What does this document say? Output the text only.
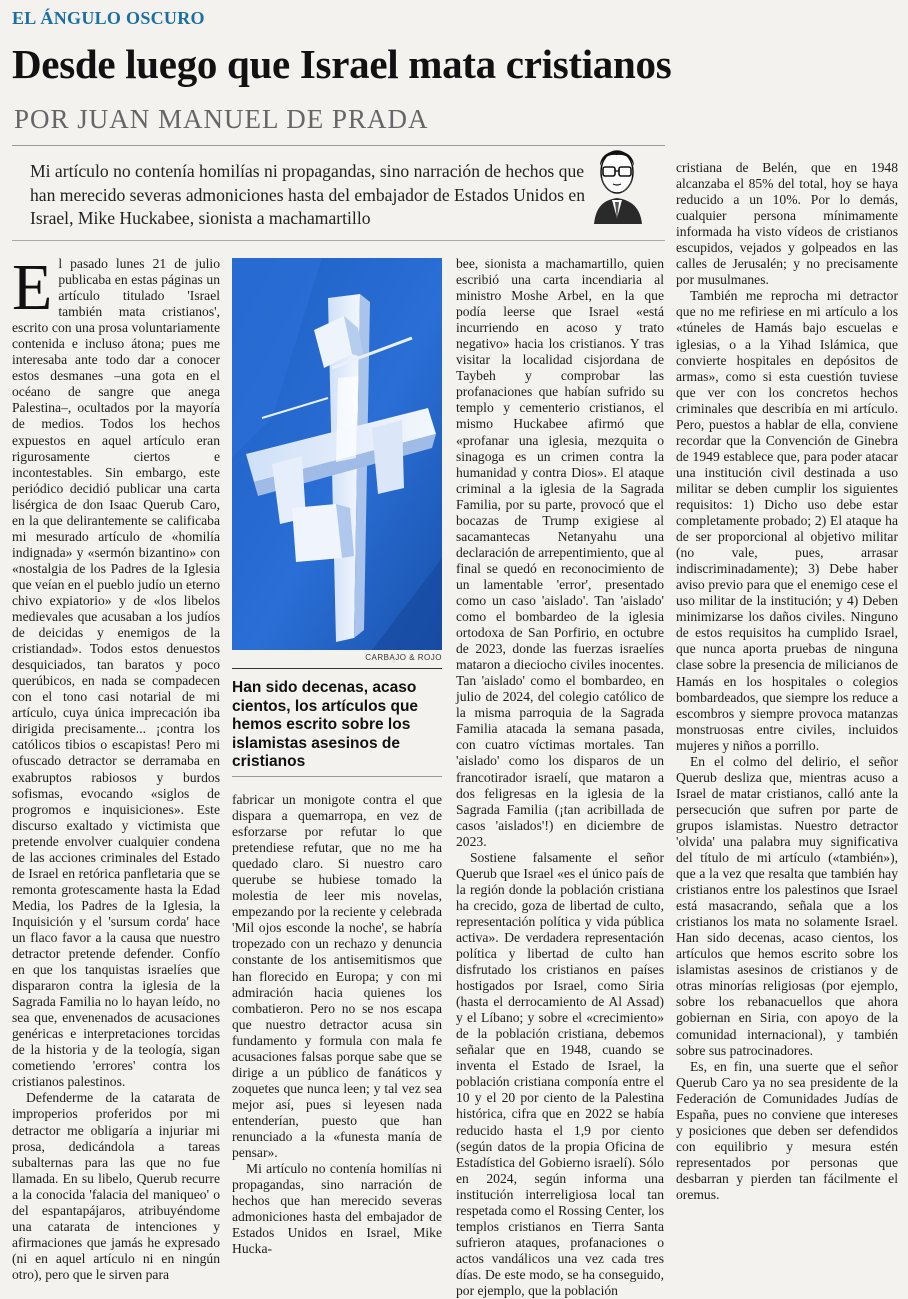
EL ÁNGULO OSCURO
Desde luego que Israel mata cristianos
POR JUAN MANUEL DE PRADA

Mi artículo no contenía homilías ni propagandas, sino narración de hechos que han merecido severas admoniciones hasta del embajador de Estados Unidos en Israel, Mike Huckabee, sionista a machamartillo

E l pasado lunes 21 de julio publicaba en estas páginas un artículo titulado 'Israel también mata cristianos', escrito con una prosa voluntariamente contenida e incluso átona; pues me interesaba ante todo dar a conocer estos desmanes –una gota en el océano de sangre que anega Palestina–, ocultados por la mayoría de medios. Todos los hechos expuestos en aquel artículo eran rigurosamente ciertos e incontestables. Sin embargo, este periódico decidió publicar una carta lisérgica de don Isaac Querub Caro, en la que delirantemente se calificaba mi mesurado artículo de «homilía indignada» y «sermón bizantino» con «nostalgia de los Padres de la Iglesia que veían en el pueblo judío un eterno chivo expiatorio» y de «los libelos medievales que acusaban a los judíos de deicidas y enemigos de la cristiandad». Todos estos denuestos desquiciados, tan baratos y poco querúbicos, en nada se compadecen con el tono casi notarial de mi artículo, cuya única imprecación iba dirigida precisamente... ¡contra los católicos tibios o escapistas! Pero mi ofuscado detractor se derramaba en exabruptos rabiosos y burdos sofismas, evocando «siglos de progromos e inquisiciones». Este discurso exaltado y victimista que pretende envolver cualquier condena de las acciones criminales del Estado de Israel en retórica panfletaria que se remonta grotescamente hasta la Edad Media, los Padres de la Iglesia, la Inquisición y el 'sursum corda' hace un flaco favor a la causa que nuestro detractor pretende defender. Confío en que los tanquistas israelíes que dispararon contra la iglesia de la Sagrada Familia no lo hayan leído, no sea que, envenenados de acusaciones genéricas e interpretaciones torcidas de la historia y de la teología, sigan cometiendo 'errores' contra los cristianos palestinos.

Defenderme de la catarata de improperios proferidos por mi detractor me obligaría a injuriar mi prosa, dedicándola a tareas subalternas para las que no fue llamada. En su libelo, Querub recurre a la conocida 'falacia del maniqueo' o del espantapájaros, atribuyéndome una catarata de intenciones y afirmaciones que jamás he expresado (ni en aquel artículo ni en ningún otro), pero que le sirven para

CARBAJO & ROJO
Han sido decenas, acaso cientos, los artículos que hemos escrito sobre los islamistas asesinos de cristianos

fabricar un monigote contra el que dispara a quemarropa, en vez de esforzarse por refutar lo que pretendiese refutar, que no me ha quedado claro. Si nuestro caro querube se hubiese tomado la molestia de leer mis novelas, empezando por la reciente y celebrada 'Mil ojos esconde la noche', se habría tropezado con un rechazo y denuncia constante de los antisemitismos que han florecido en Europa; y con mi admiración hacia quienes los combatieron. Pero no se nos escapa que nuestro detractor acusa sin fundamento y formula con mala fe acusaciones falsas porque sabe que se dirige a un público de fanáticos y zoquetes que nunca leen; y tal vez sea mejor así, pues si leyesen nada entenderían, puesto que han renunciado a la «funesta manía de pensar».

Mi artículo no contenía homilías ni propagandas, sino narración de hechos que han merecido severas admoniciones hasta del embajador de Estados Unidos en Israel, Mike Hucka-

bee, sionista a machamartillo, quien escribió una carta incendiaria al ministro Moshe Arbel, en la que podía leerse que Israel «está incurriendo en acoso y trato negativo» hacia los cristianos. Y tras visitar la localidad cisjordana de Taybeh y comprobar las profanaciones que habían sufrido su templo y cementerio cristianos, el mismo Huckabee afirmó que «profanar una iglesia, mezquita o sinagoga es un crimen contra la humanidad y contra Dios». El ataque criminal a la iglesia de la Sagrada Familia, por su parte, provocó que el bocazas de Trump exigiese al sacamantecas Netanyahu una declaración de arrepentimiento, que al final se quedó en reconocimiento de un lamentable 'error', presentado como un caso 'aislado'. Tan 'aislado' como el bombardeo de la iglesia ortodoxa de San Porfirio, en octubre de 2023, donde las fuerzas israelíes mataron a dieciocho civiles inocentes. Tan 'aislado' como el bombardeo, en julio de 2024, del colegio católico de la misma parroquia de la Sagrada Familia atacada la semana pasada, con cuatro víctimas mortales. Tan 'aislado' como los disparos de un francotirador israelí, que mataron a dos feligresas en la iglesia de la Sagrada Familia (¡tan acribillada de casos 'aislados'!) en diciembre de 2023.

Sostiene falsamente el señor Querub que Israel «es el único país de la región donde la población cristiana ha crecido, goza de libertad de culto, representación política y vida pública activa». De verdadera representación política y libertad de culto han disfrutado los cristianos en países hostigados por Israel, como Siria (hasta el derrocamiento de Al Assad) y el Líbano; y sobre el «crecimiento» de la población cristiana, debemos señalar que en 1948, cuando se inventa el Estado de Israel, la población cristiana componía entre el 10 y el 20 por ciento de la Palestina histórica, cifra que en 2022 se había reducido hasta el 1,9 por ciento (según datos de la propia Oficina de Estadística del Gobierno israelí). Sólo en 2024, según informa una institución interreligiosa local tan respetada como el Rossing Center, los templos cristianos en Tierra Santa sufrieron ataques, profanaciones o actos vandálicos una vez cada tres días. De este modo, se ha conseguido, por ejemplo, que la población

cristiana de Belén, que en 1948 alcanzaba el 85% del total, hoy se haya reducido a un 10%. Por lo demás, cualquier persona mínimamente informada ha visto vídeos de cristianos escupidos, vejados y golpeados en las calles de Jerusalén; y no precisamente por musulmanes.

También me reprocha mi detractor que no me refiriese en mi artículo a los «túneles de Hamás bajo escuelas e iglesias, o a la Yihad Islámica, que convierte hospitales en depósitos de armas», como si esta cuestión tuviese que ver con los concretos hechos criminales que describía en mi artículo. Pero, puestos a hablar de ella, conviene recordar que la Convención de Ginebra de 1949 establece que, para poder atacar una institución civil destinada a uso militar se deben cumplir los siguientes requisitos: 1) Dicho uso debe estar completamente probado; 2) El ataque ha de ser proporcional al objetivo militar (no vale, pues, arrasar indiscriminadamente); 3) Debe haber aviso previo para que el enemigo cese el uso militar de la institución; y 4) Deben minimizarse los daños civiles. Ninguno de estos requisitos ha cumplido Israel, que nunca aporta pruebas de ninguna clase sobre la presencia de milicianos de Hamás en los hospitales o colegios bombardeados, que siempre los reduce a escombros y siempre provoca matanzas monstruosas entre civiles, incluidos mujeres y niños a porrillo.

En el colmo del delirio, el señor Querub desliza que, mientras acuso a Israel de matar cristianos, calló ante la persecución que sufren por parte de grupos islamistas. Nuestro detractor 'olvida' una palabra muy significativa del título de mi artículo («también»), que a la vez que resalta que también hay cristianos entre los palestinos que Israel está masacrando, señala que a los cristianos los mata no solamente Israel. Han sido decenas, acaso cientos, los artículos que hemos escrito sobre los islamistas asesinos de cristianos y de otras minorías religiosas (por ejemplo, sobre los rebanacuellos que ahora gobiernan en Siria, con apoyo de la comunidad internacional), y también sobre sus patrocinadores.

Es, en fin, una suerte que el señor Querub Caro ya no sea presidente de la Federación de Comunidades Judías de España, pues no conviene que intereses y posiciones que deben ser defendidos con equilibrio y mesura estén representados por personas que desbarran y pierden tan fácilmente el oremus.
